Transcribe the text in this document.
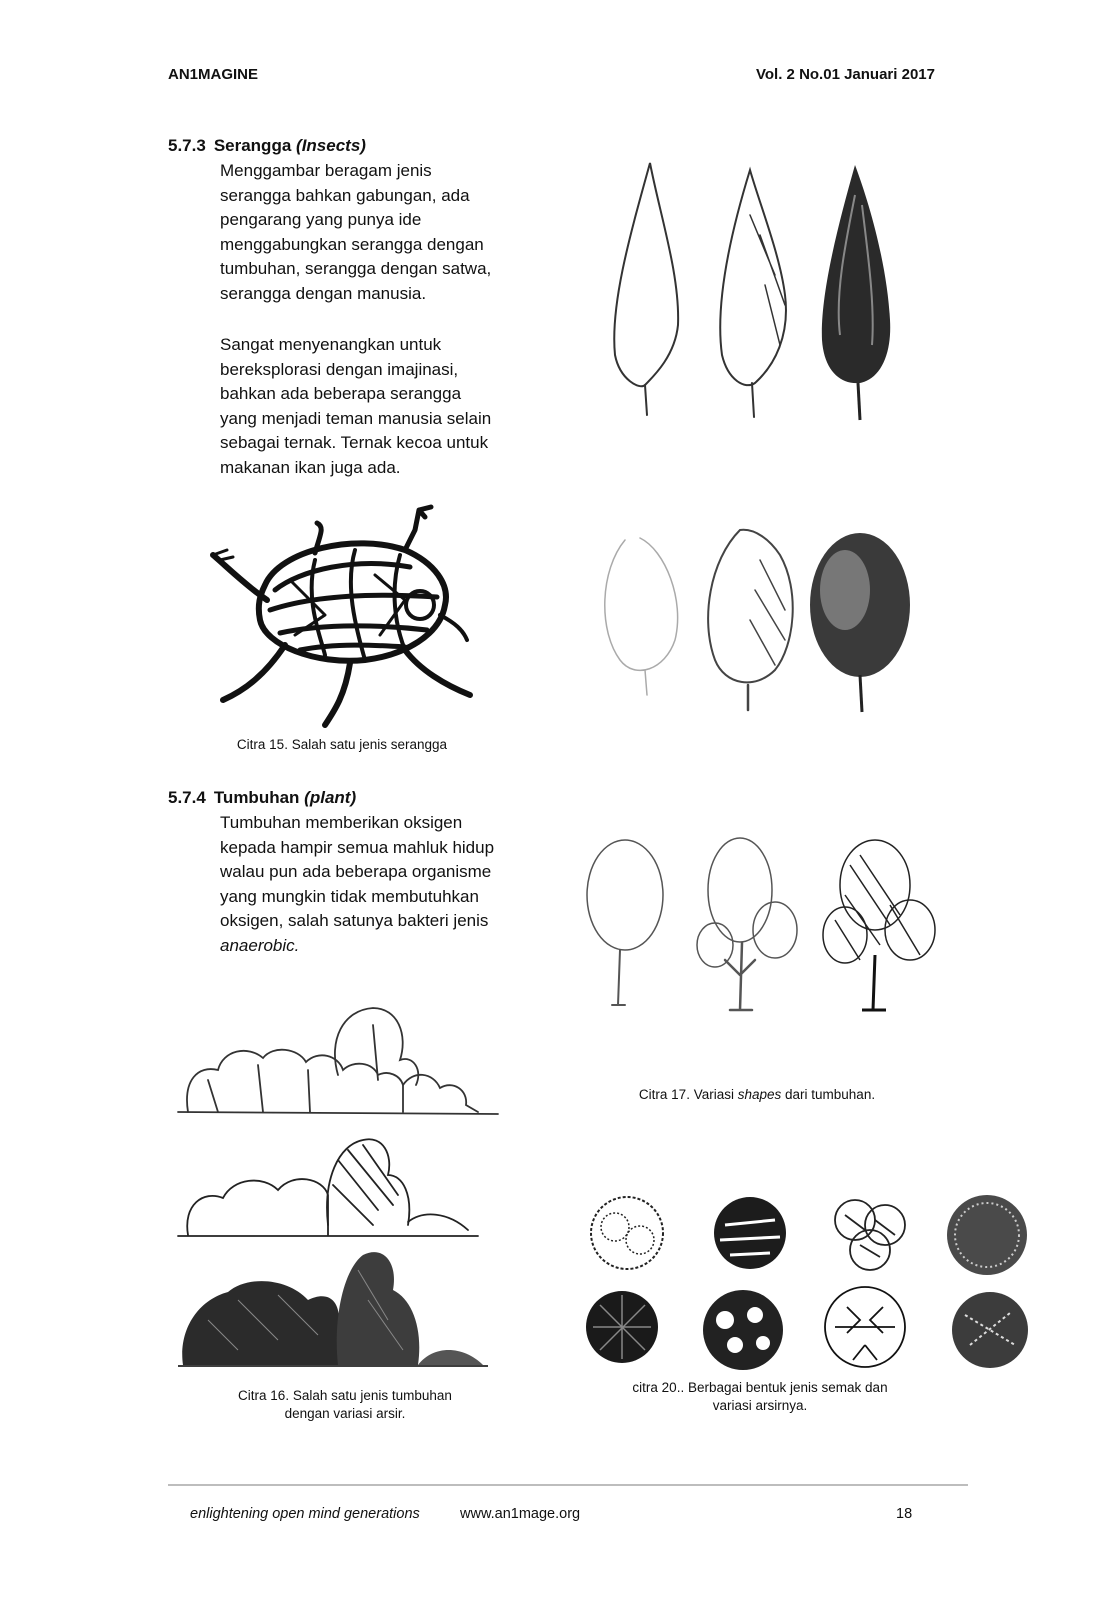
AN1MAGINE	Vol. 2 No.01 Januari 2017
5.7.3 Serangga (Insects)

Menggambar beragam jenis

serangga bahkan gabungan, ada

pengarang yang punya ide

menggabungkan serangga dengan

tumbuhan, serangga dengan satwa,

serangga dengan manusia.

Sangat menyenangkan untuk

bereksplorasi dengan imajinasi,

bahkan ada beberapa serangga

yang menjadi teman manusia selain

sebagai ternak. Ternak kecoa untuk

makanan ikan juga ada.

Citra 15. Salah satu jenis serangga
5.7.4 Tumbuhan (plant)

Tumbuhan memberikan oksigen

kepada hampir semua mahluk hidup

walau pun ada beberapa organisme

yang mungkin tidak membutuhkan

oksigen, salah satunya bakteri jenis

anaerobic.

Citra 17. Variasi shapes dari tumbuhan.
Citra 16. Salah satu jenis tumbuhan
dengan variasi arsir.
citra 20.. Berbagai bentuk jenis semak dan
variasi arsirnya.
enlightening open mind generations	www.an1mage.org	18
